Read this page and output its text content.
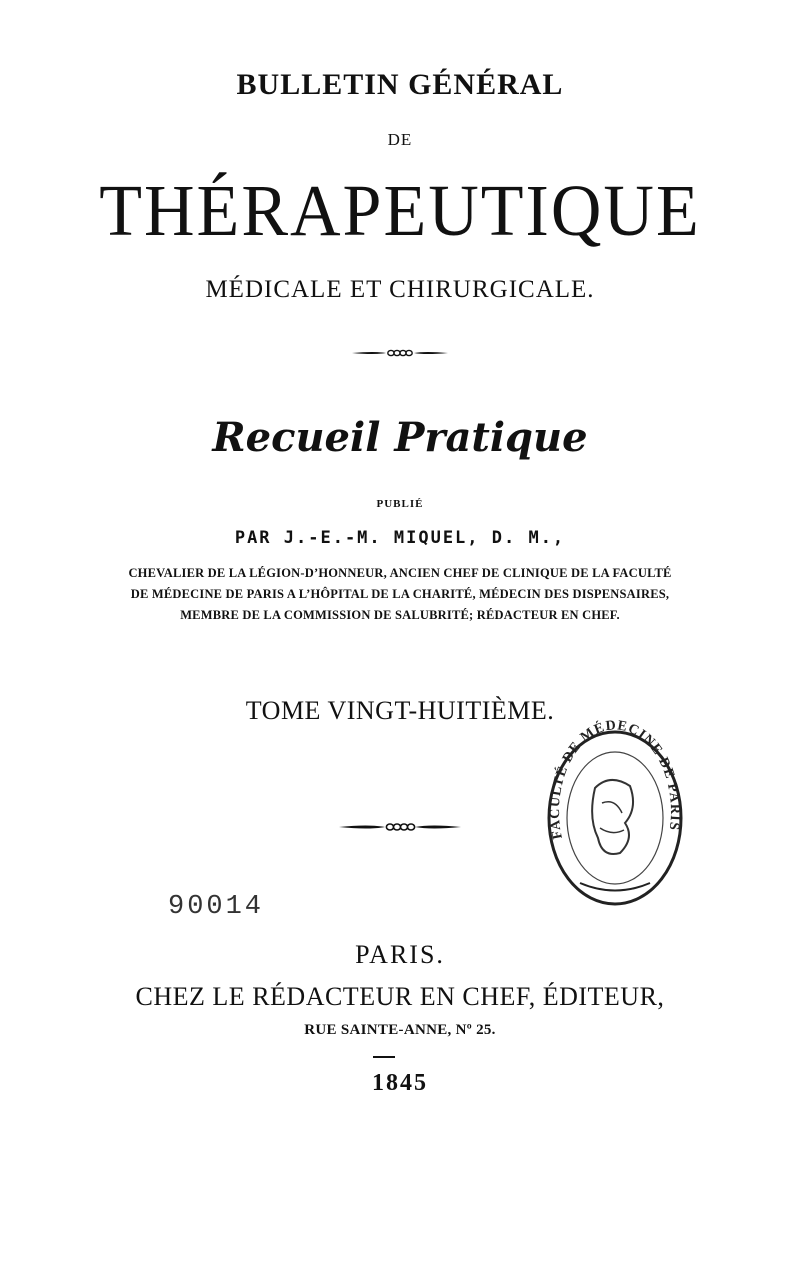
BULLETIN GÉNÉRAL
DE
THÉRAPEUTIQUE
MÉDICALE ET CHIRURGICALE.
Recueil Pratique
PUBLIÉ
PAR J.-E.-M. MIQUEL, D. M.,
CHEVALIER DE LA LÉGION-D’HONNEUR, ANCIEN CHEF DE CLINIQUE DE LA FACULTÉ
DE MÉDECINE DE PARIS A L’HÔPITAL DE LA CHARITÉ, MÉDECIN DES DISPENSAIRES,
MEMBRE DE LA COMMISSION DE SALUBRITÉ; RÉDACTEUR EN CHEF.
TOME VINGT-HUITIÈME.
FACULTÉ DE MÉDECINE DE PARIS
90014
PARIS.
CHEZ LE RÉDACTEUR EN CHEF, ÉDITEUR,
RUE SAINTE-ANNE, Nº 25.
1845
